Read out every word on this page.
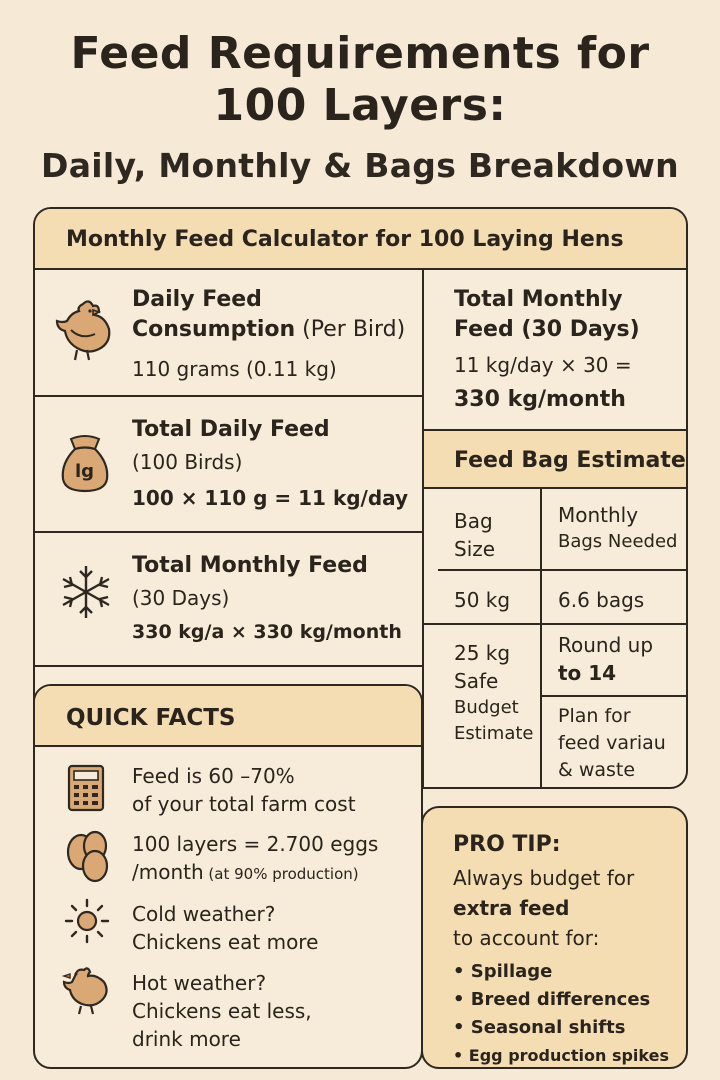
Feed Requirements for
100 Layers:
Daily, Monthly & Bags Breakdown
Monthly Feed Calculator for 100 Laying Hens
Daily Feed
Consumption (Per Bird)
110 grams (0.11 kg)
lg
Total Daily Feed
(100 Birds)
100 × 110 g = 11 kg/day
Total Monthly Feed
(30 Days)
330 kg/a × 330 kg/month
Total Monthly
Feed (30 Days)
11 kg/day × 30 =
330 kg/month
Feed Bag Estimate
Bag
Size
Monthly
Bags Needed
50 kg 6.6 bags
25 kg
Safe
Budget
Estimate
Round up
to 14
Plan for
feed variau
& waste
QUICK FACTS
Feed is 60 –70%
of your total farm cost
100 layers = 2.700 eggs
/month (at 90% production)
Cold weather?
Chickens eat more
Hot weather?
Chickens eat less,
drink more
PRO TIP:
Always budget for
extra feed
to account for:
• Spillage
• Breed differences
• Seasonal shifts
• Egg production spikes
